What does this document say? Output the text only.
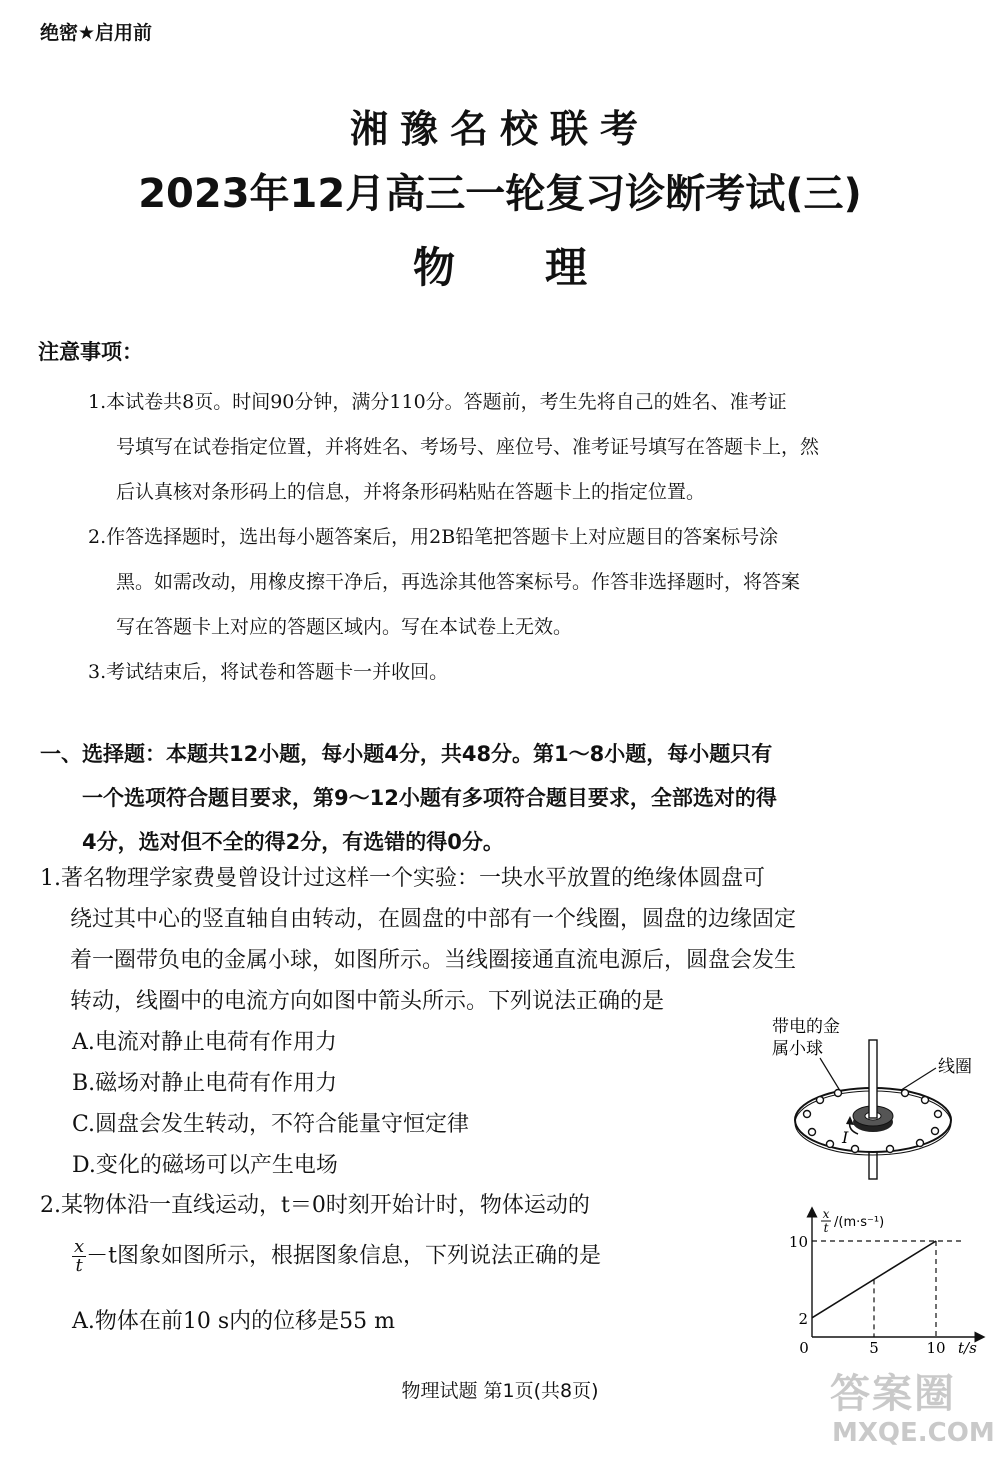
绝密★启用前
湘豫名校联考
2023年12月高三一轮复习诊断考试(三)
物理
注意事项：
1.本试卷共8页。时间90分钟，满分110分。答题前，考生先将自己的姓名、准考证
号填写在试卷指定位置，并将姓名、考场号、座位号、准考证号填写在答题卡上，然
后认真核对条形码上的信息，并将条形码粘贴在答题卡上的指定位置。
2.作答选择题时，选出每小题答案后，用2B铅笔把答题卡上对应题目的答案标号涂
黑。如需改动，用橡皮擦干净后，再选涂其他答案标号。作答非选择题时，将答案
写在答题卡上对应的答题区域内。写在本试卷上无效。
3.考试结束后，将试卷和答题卡一并收回。
一、选择题：本题共12小题，每小题4分，共48分。第1～8小题，每小题只有
一个选项符合题目要求，第9～12小题有多项符合题目要求，全部选对的得
4分，选对但不全的得2分，有选错的得0分。
1.著名物理学家费曼曾设计过这样一个实验：一块水平放置的绝缘体圆盘可
绕过其中心的竖直轴自由转动，在圆盘的中部有一个线圈，圆盘的边缘固定
着一圈带负电的金属小球，如图所示。当线圈接通直流电源后，圆盘会发生
转动，线圈中的电流方向如图中箭头所示。下列说法正确的是
A.电流对静止电荷有作用力
B.磁场对静止电荷有作用力
C.圆盘会发生转动，不符合能量守恒定律
D.变化的磁场可以产生电场
带电的金
属小球
线圈
I
2.某物体沿一直线运动，t＝0时刻开始计时，物体运动的
$\frac{x}{t} -t$图象如图所示，根据图象信息，下列说法正确的是
A.物体在前10 s内的位移是55 m
x
t /(m·s⁻¹)
2
10
0	5	10 t/s
物理试题 第1页(共8页)	答案圈
MXQE.COM
